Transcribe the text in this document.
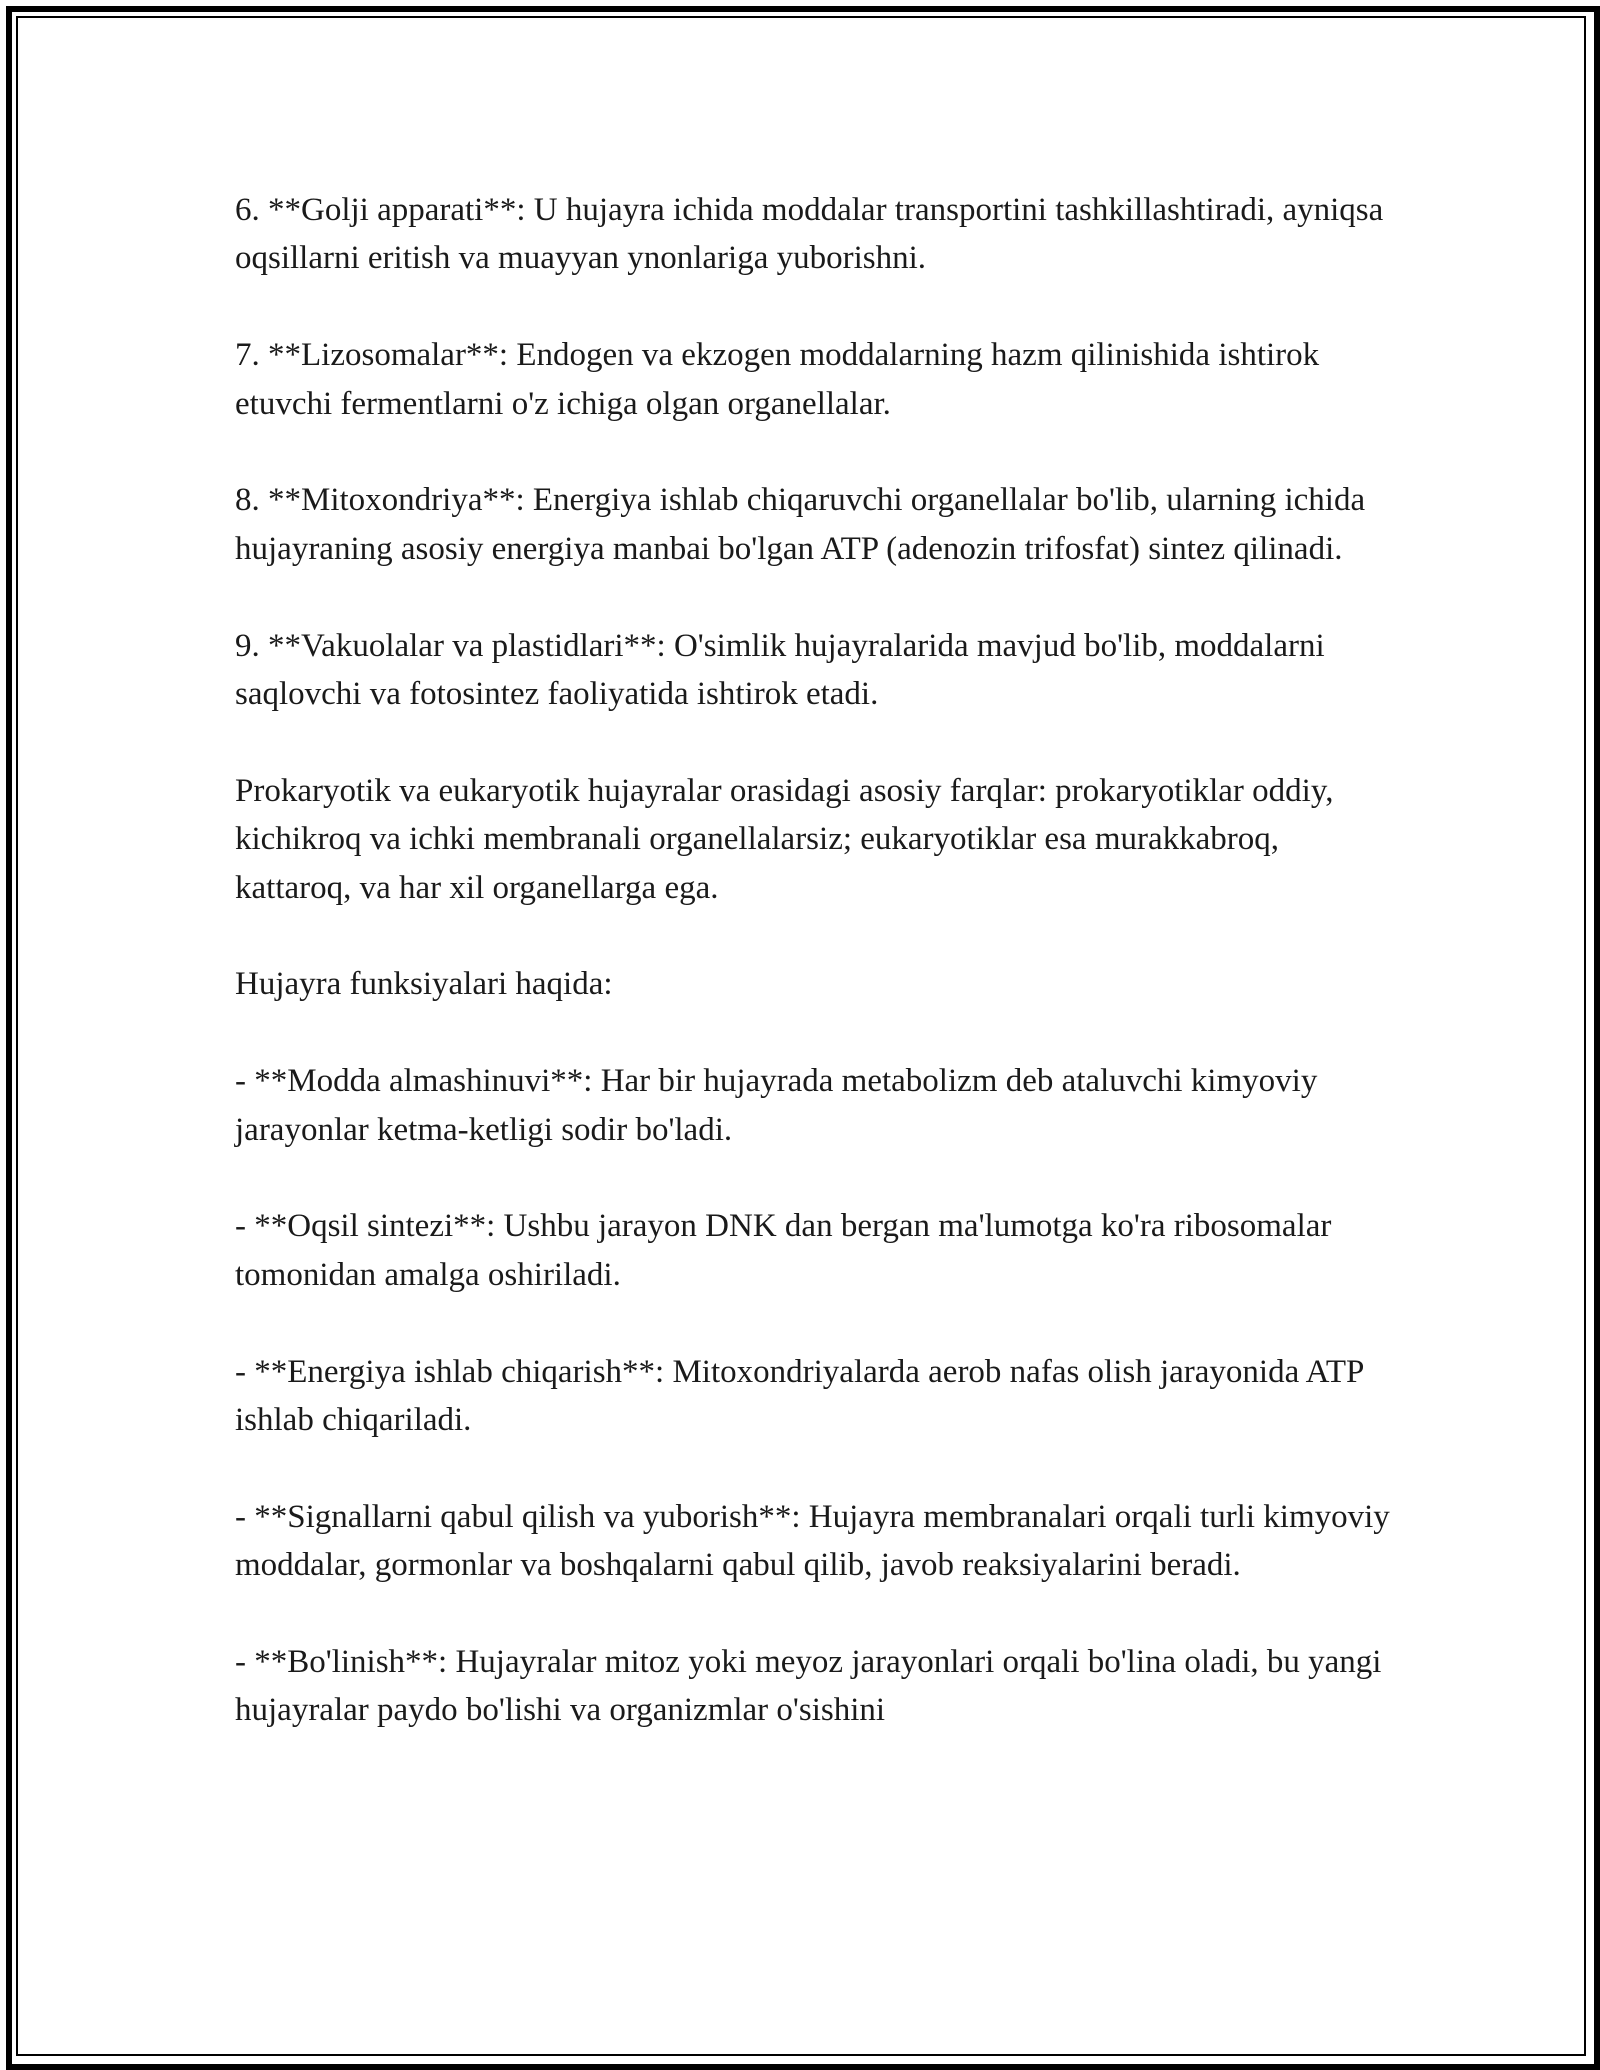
6. **Golji apparati**: U hujayra ichida moddalar transportini tashkillashtiradi, ayniqsa oqsillarni eritish va muayyan уnonlariga yuborishni.

7. **Lizosomalar**: Endogen va ekzogen moddalarning hazm qilinishida ishtirok etuvchi fermentlarni o'z ichiga olgan organellalar.

8. **Mitoxondriya**: Energiya ishlab chiqaruvchi organellalar bo'lib, ularning ichida hujayraning asosiy energiya manbai bo'lgan ATP (adenozin trifosfat) sintez qilinadi.

9. **Vakuolalar va plastidlari**: O'simlik hujayralarida mavjud bo'lib, moddalarni saqlovchi va fotosintez faoliyatida ishtirok etadi.

Prokaryotik va eukaryotik hujayralar orasidagi asosiy farqlar: prokaryotiklar oddiy, kichikroq va ichki membranali organellalarsiz; eukaryotiklar esa murakkabroq, kattaroq, va har xil organellarga ega.

Hujayra funksiyalari haqida:

- **Modda almashinuvi**: Har bir hujayrada metabolizm deb ataluvchi kimyoviy jarayonlar ketma-ketligi sodir bo'ladi.

- **Oqsil sintezi**: Ushbu jarayon DNK dan bergan ma'lumotga ko'ra ribosomalar tomonidan amalga oshiriladi.

- **Energiya ishlab chiqarish**: Mitoxondriyalarda aerob nafas olish jarayonida ATP ishlab chiqariladi.

- **Signallarni qabul qilish va yuborish**: Hujayra membranalari orqali turli kimyoviy moddalar, gormonlar va boshqalarni qabul qilib, javob reaksiyalarini beradi.

- **Bo'linish**: Hujayralar mitoz yoki meyoz jarayonlari orqali bo'lina oladi, bu yangi hujayralar paydo bo'lishi va organizmlar o'sishini
